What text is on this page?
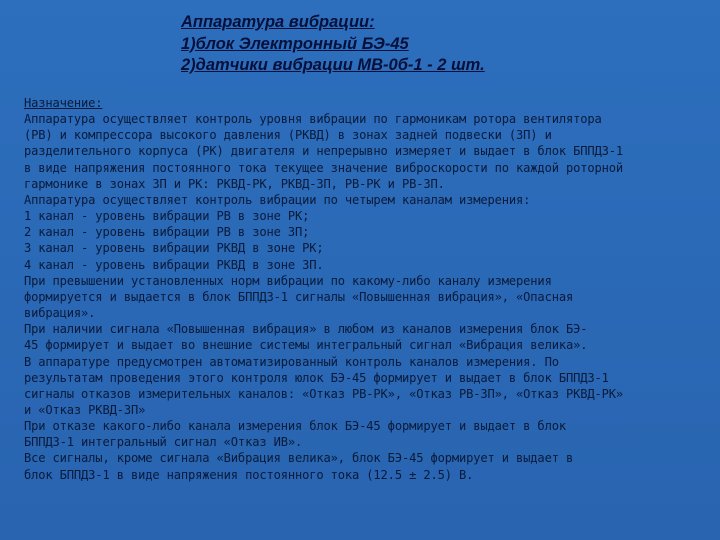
Аппаратура вибрации:
1)блок Электронный БЭ-45
2)датчики вибрации МВ-0б-1 - 2 шт.
Назначение:
Аппаратура осуществляет контроль уровня вибрации по гармоникам ротора вентилятора
(РВ) и компрессора высокого давления (РКВД) в зонах задней подвески (ЗП) и
разделительного корпуса (РК) двигателя и непрерывно измеряет и выдает в блок БППДЗ-1
в виде напряжения постоянного тока текущее значение виброскорости по каждой роторной
гармонике в зонах ЗП и РК: РКВД-РК, РКВД-ЗП, РВ-РК и РВ-ЗП.
Аппаратура осуществляет контроль вибрации по четырем каналам измерения:
1 канал - уровень вибрации РВ в зоне РК;
2 канал - уровень вибрации РВ в зоне ЗП;
3 канал - уровень вибрации РКВД в зоне РК;
4 канал - уровень вибрации РКВД в зоне ЗП.
При превышении установленных норм вибрации по какому-либо каналу измерения
формируется и выдается в блок БППДЗ-1 сигналы «Повышенная вибрация», «Опасная
вибрация».
При наличии сигнала «Повышенная вибрация» в любом из каналов измерения блок БЭ-
45 формирует и выдает во внешние системы интегральный сигнал «Вибрация велика».
В аппаратуре предусмотрен автоматизированный контроль каналов измерения. По
результатам проведения этого контроля юлок БЭ-45 формирует и выдает в блок БППДЗ-1
сигналы отказов измерительных каналов: «Отказ РВ-РК», «Отказ РВ-ЗП», «Отказ РКВД-РК»
и «Отказ РКВД-ЗП»
При отказе какого-либо канала измерения блок БЭ-45 формирует и выдает в блок
БППДЗ-1 интегральный сигнал «Отказ ИВ».
Все сигналы, кроме сигнала «Вибрация велика», блок БЭ-45 формирует и выдает в
блок БППДЗ-1 в виде напряжения постоянного тока (12.5 ± 2.5) В.
